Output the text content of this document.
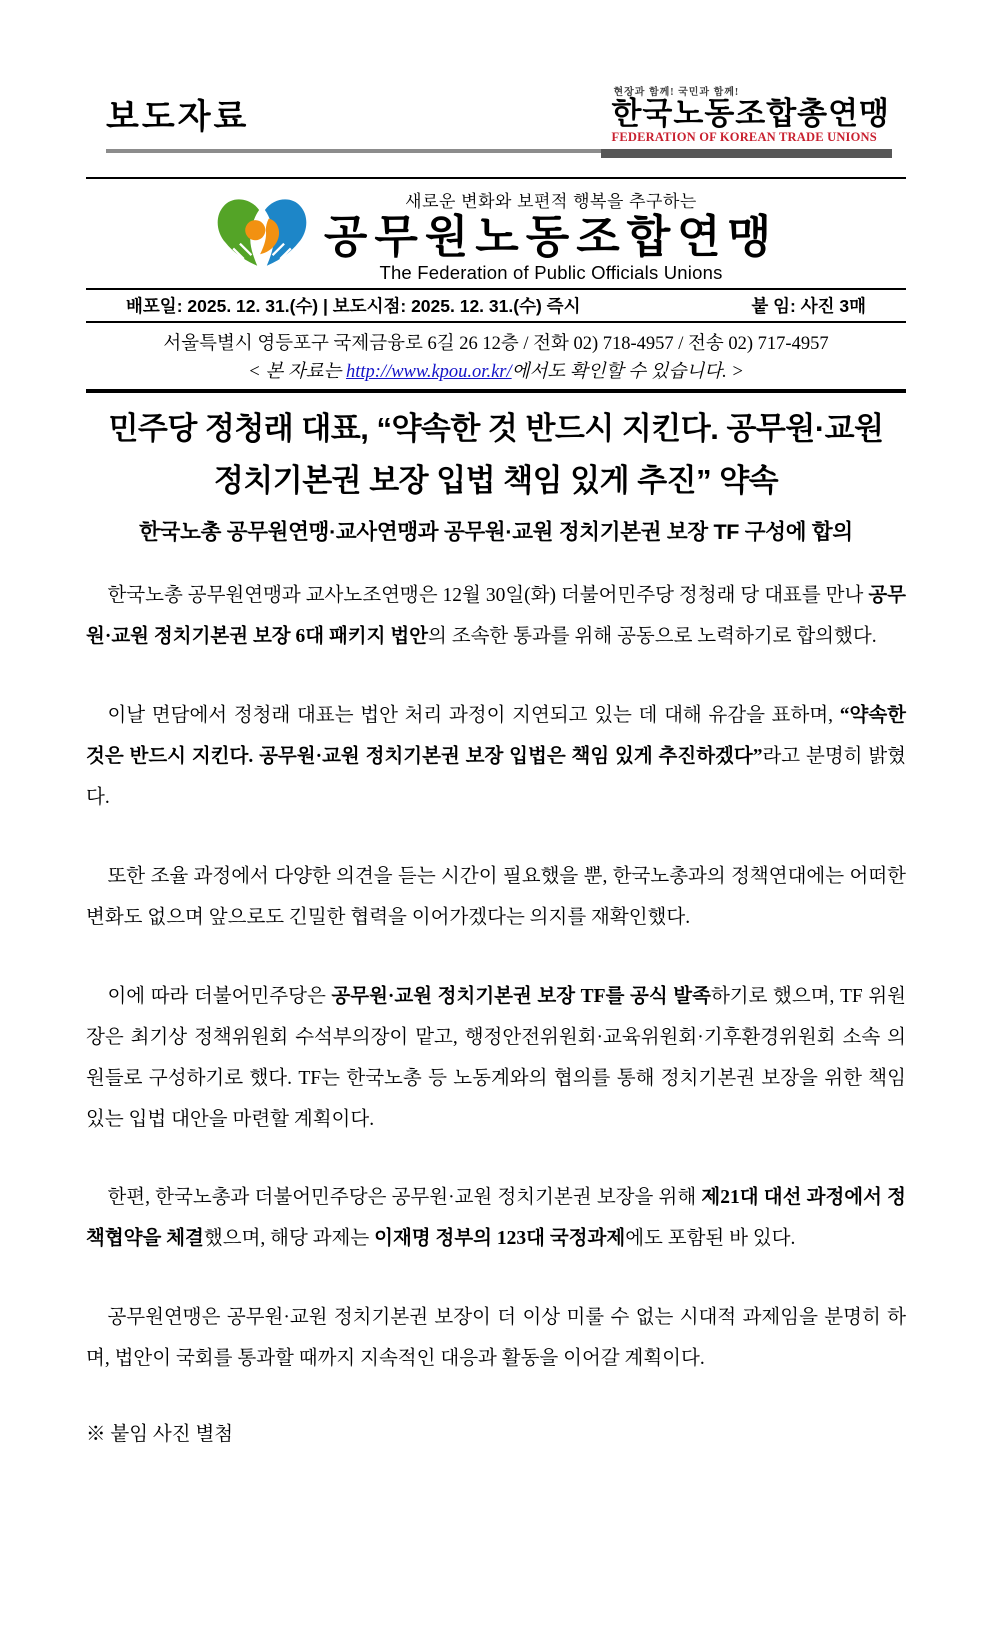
보도자료
현장과 함께! 국민과 함께!
한국노동조합총연맹
FEDERATION OF KOREAN TRADE UNIONS
새로운 변화와 보편적 행복을 추구하는
공무원노동조합연맹
The Federation of Public Officials Unions
배포일: 2025. 12. 31.(수) | 보도시점: 2025. 12. 31.(수) 즉시	붙 임: 사진 3매
서울특별시 영등포구 국제금융로 6길 26 12층 / 전화 02) 718-4957 / 전송 02) 717-4957
< 본 자료는 http://www.kpou.or.kr/에서도 확인할 수 있습니다. >
민주당 정청래 대표, “약속한 것 반드시 지킨다. 공무원·교원
정치기본권 보장 입법 책임 있게 추진” 약속
한국노총 공무원연맹·교사연맹과 공무원·교원 정치기본권 보장 TF 구성에 합의

한국노총 공무원연맹과 교사노조연맹은 12월 30일(화) 더불어민주당 정청래 당 대표를 만나 공무원·교원 정치기본권 보장 6대 패키지 법안의 조속한 통과를 위해 공동으로 노력하기로 합의했다.

이날 면담에서 정청래 대표는 법안 처리 과정이 지연되고 있는 데 대해 유감을 표하며, “약속한 것은 반드시 지킨다. 공무원·교원 정치기본권 보장 입법은 책임 있게 추진하겠다”라고 분명히 밝혔다.

또한 조율 과정에서 다양한 의견을 듣는 시간이 필요했을 뿐, 한국노총과의 정책연대에는 어떠한 변화도 없으며 앞으로도 긴밀한 협력을 이어가겠다는 의지를 재확인했다.

이에 따라 더불어민주당은 공무원·교원 정치기본권 보장 TF를 공식 발족하기로 했으며, TF 위원장은 최기상 정책위원회 수석부의장이 맡고, 행정안전위원회·교육위원회·기후환경위원회 소속 의원들로 구성하기로 했다. TF는 한국노총 등 노동계와의 협의를 통해 정치기본권 보장을 위한 책임 있는 입법 대안을 마련할 계획이다.

한편, 한국노총과 더불어민주당은 공무원·교원 정치기본권 보장을 위해 제21대 대선 과정에서 정책협약을 체결했으며, 해당 과제는 이재명 정부의 123대 국정과제에도 포함된 바 있다.

공무원연맹은 공무원·교원 정치기본권 보장이 더 이상 미룰 수 없는 시대적 과제임을 분명히 하며, 법안이 국회를 통과할 때까지 지속적인 대응과 활동을 이어갈 계획이다.

※ 붙임 사진 별첨
